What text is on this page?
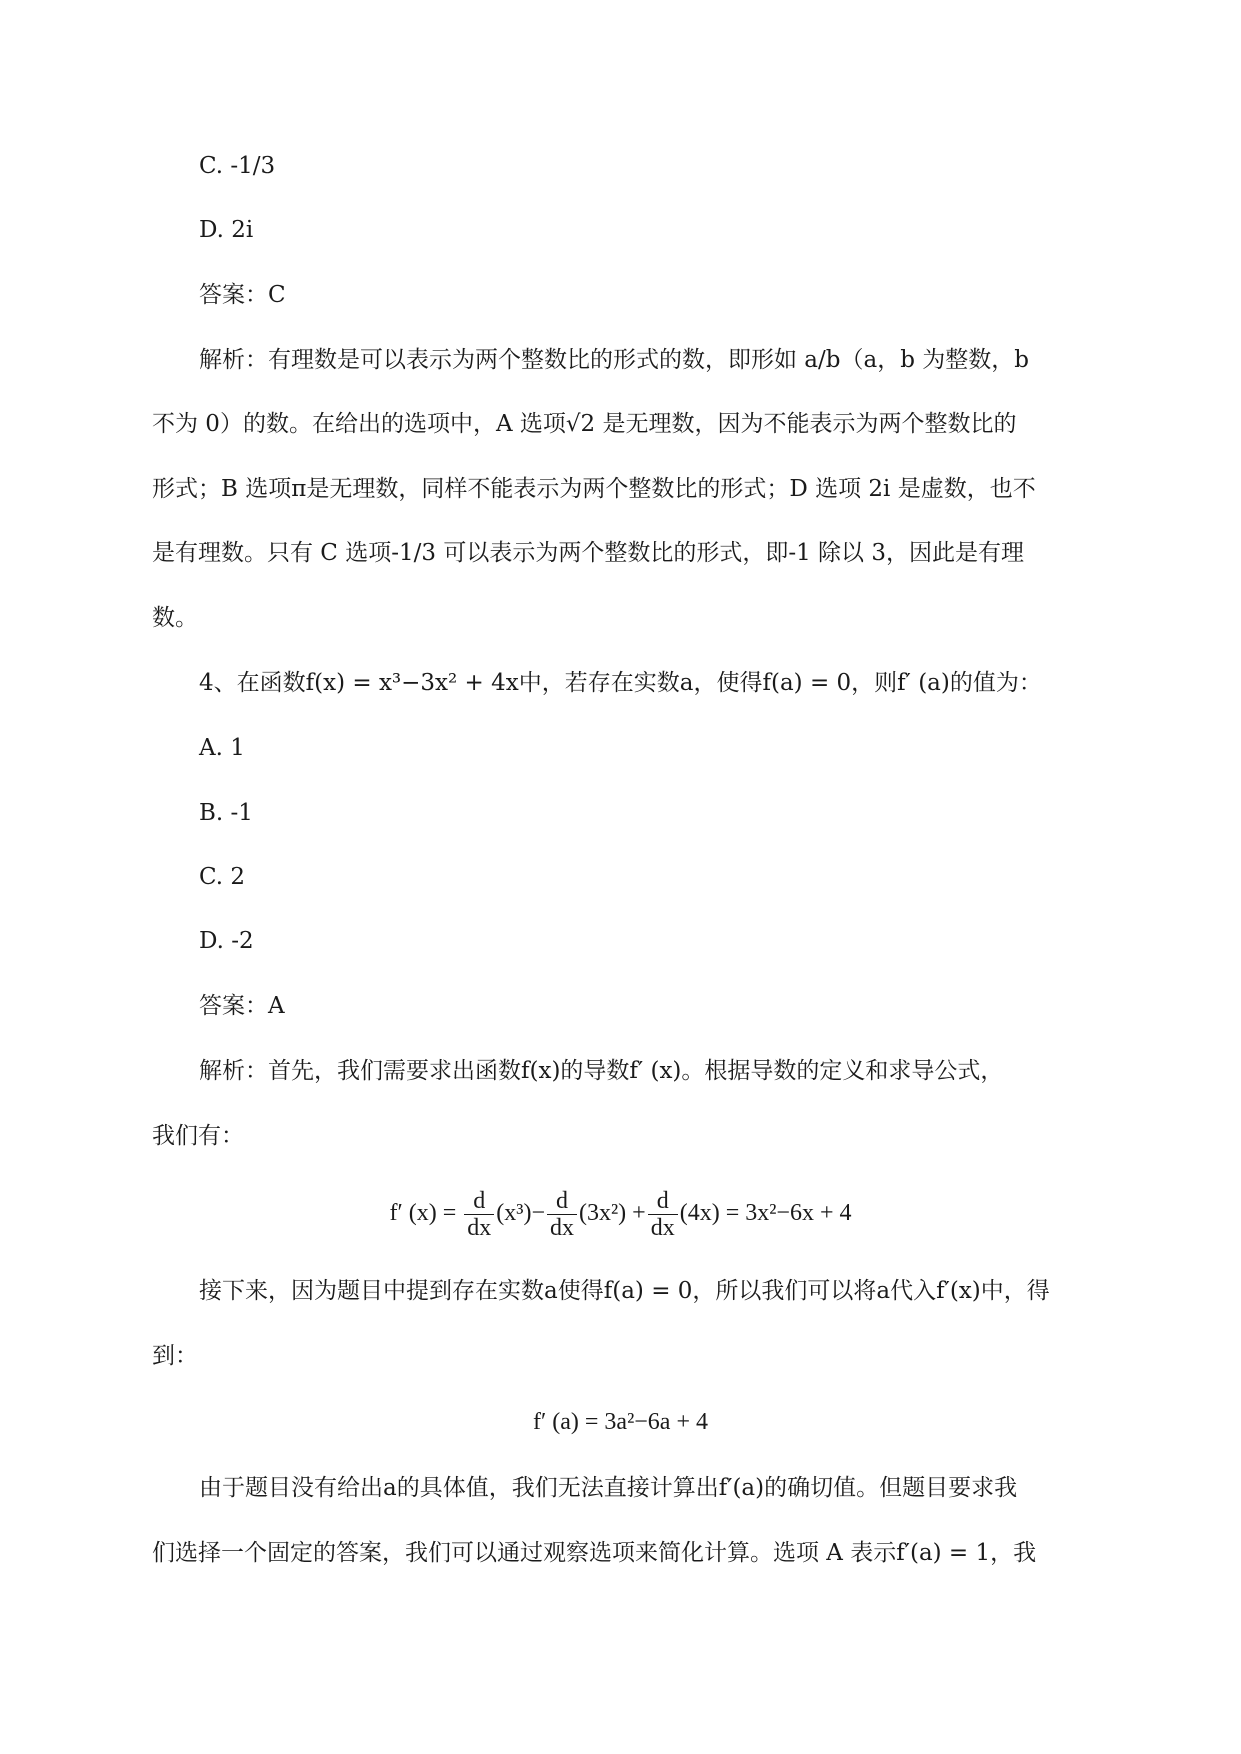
C. -1/3
D. 2i
答案：C
解析：有理数是可以表示为两个整数比的形式的数，即形如 a/b（a，b 为整数，b
不为 0）的数。在给出的选项中，A 选项√2 是无理数，因为不能表示为两个整数比的
形式；B 选项π是无理数，同样不能表示为两个整数比的形式；D 选项 2i 是虚数，也不
是有理数。只有 C 选项-1/3 可以表示为两个整数比的形式，即-1 除以 3，因此是有理
数。
4、在函数f(x) = x³−3x² + 4x中，若存在实数a，使得f(a) = 0，则f′ (a)的值为：
A. 1
B. -1
C. 2
D. -2
答案：A
解析：首先，我们需要求出函数f(x)的导数f′ (x)。根据导数的定义和求导公式，
我们有：
f′ $(x) = \frac{d}{dx} (x^3)- \frac{d}{dx} (3x^2) + \frac{d}{dx} (4x) = 3x^2-6x + 4$
接下来，因为题目中提到存在实数a使得f(a) = 0，所以我们可以将a代入f′(x)中，得
到：
f′ (a) = 3a²−6a + 4
由于题目没有给出a的具体值，我们无法直接计算出f′(a)的确切值。但题目要求我
们选择一个固定的答案，我们可以通过观察选项来简化计算。选项 A 表示f′(a) = 1，我
